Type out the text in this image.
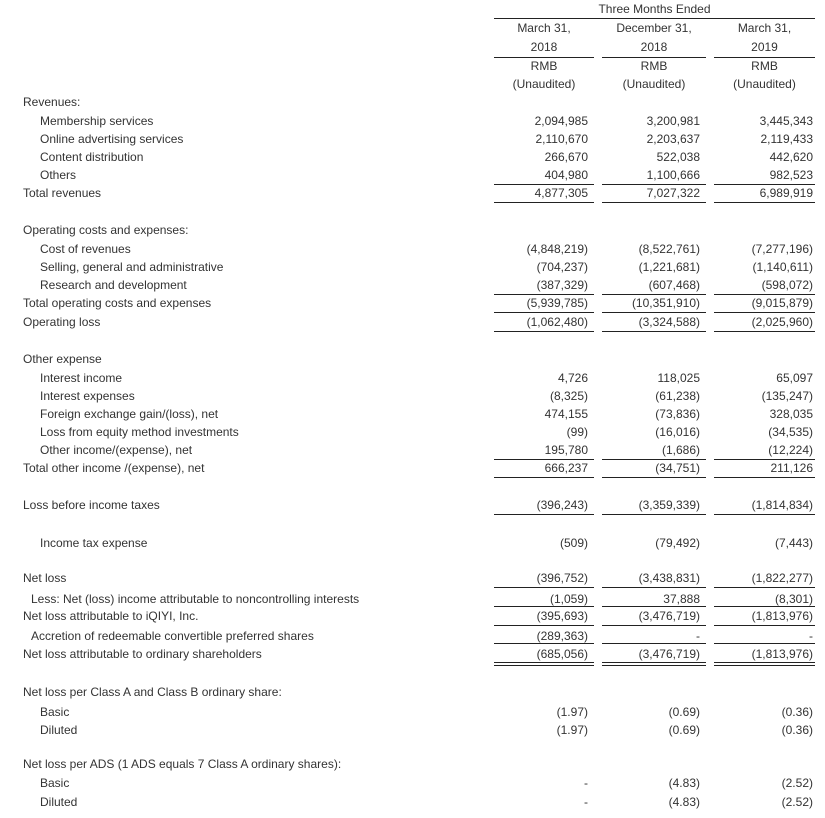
Three Months Ended
March 31,
2018
RMB
(Unaudited)
December 31,
2018
RMB
(Unaudited)
March 31,
2019
RMB
(Unaudited)
Revenues:
Membership services	2,094,985	3,200,981	3,445,343
Online advertising services	2,110,670	2,203,637	2,119,433
Content distribution	266,670	522,038	442,620
Others	404,980	1,100,666	982,523
Total revenues	4,877,305	7,027,322	6,989,919
Operating costs and expenses:
Cost of revenues	(4,848,219)	(8,522,761)	(7,277,196)
Selling, general and administrative	(704,237)	(1,221,681)	(1,140,611)
Research and development	(387,329)	(607,468)	(598,072)
Total operating costs and expenses	(5,939,785)	(10,351,910)	(9,015,879)
Operating loss	(1,062,480)	(3,324,588)	(2,025,960)
Other expense
Interest income	4,726	118,025	65,097
Interest expenses	(8,325)	(61,238)	(135,247)
Foreign exchange gain/(loss), net	474,155	(73,836)	328,035
Loss from equity method investments	(99)	(16,016)	(34,535)
Other income/(expense), net	195,780	(1,686)	(12,224)
Total other income /(expense), net	666,237	(34,751)	211,126
Loss before income taxes	(396,243)	(3,359,339)	(1,814,834)
Income tax expense	(509)	(79,492)	(7,443)
Net loss	(396,752)	(3,438,831)	(1,822,277)
Less: Net (loss) income attributable to noncontrolling interests	(1,059)	37,888	(8,301)
Net loss attributable to iQIYI, Inc.	(395,693)	(3,476,719)	(1,813,976)
Accretion of redeemable convertible preferred shares	(289,363)	-	-
Net loss attributable to ordinary shareholders	(685,056)	(3,476,719)	(1,813,976)
Net loss per Class A and Class B ordinary share:
Basic	(1.97)	(0.69)	(0.36)
Diluted	(1.97)	(0.69)	(0.36)
Net loss per ADS (1 ADS equals 7 Class A ordinary shares):
Basic	-	(4.83)	(2.52)
Diluted	-	(4.83)	(2.52)
